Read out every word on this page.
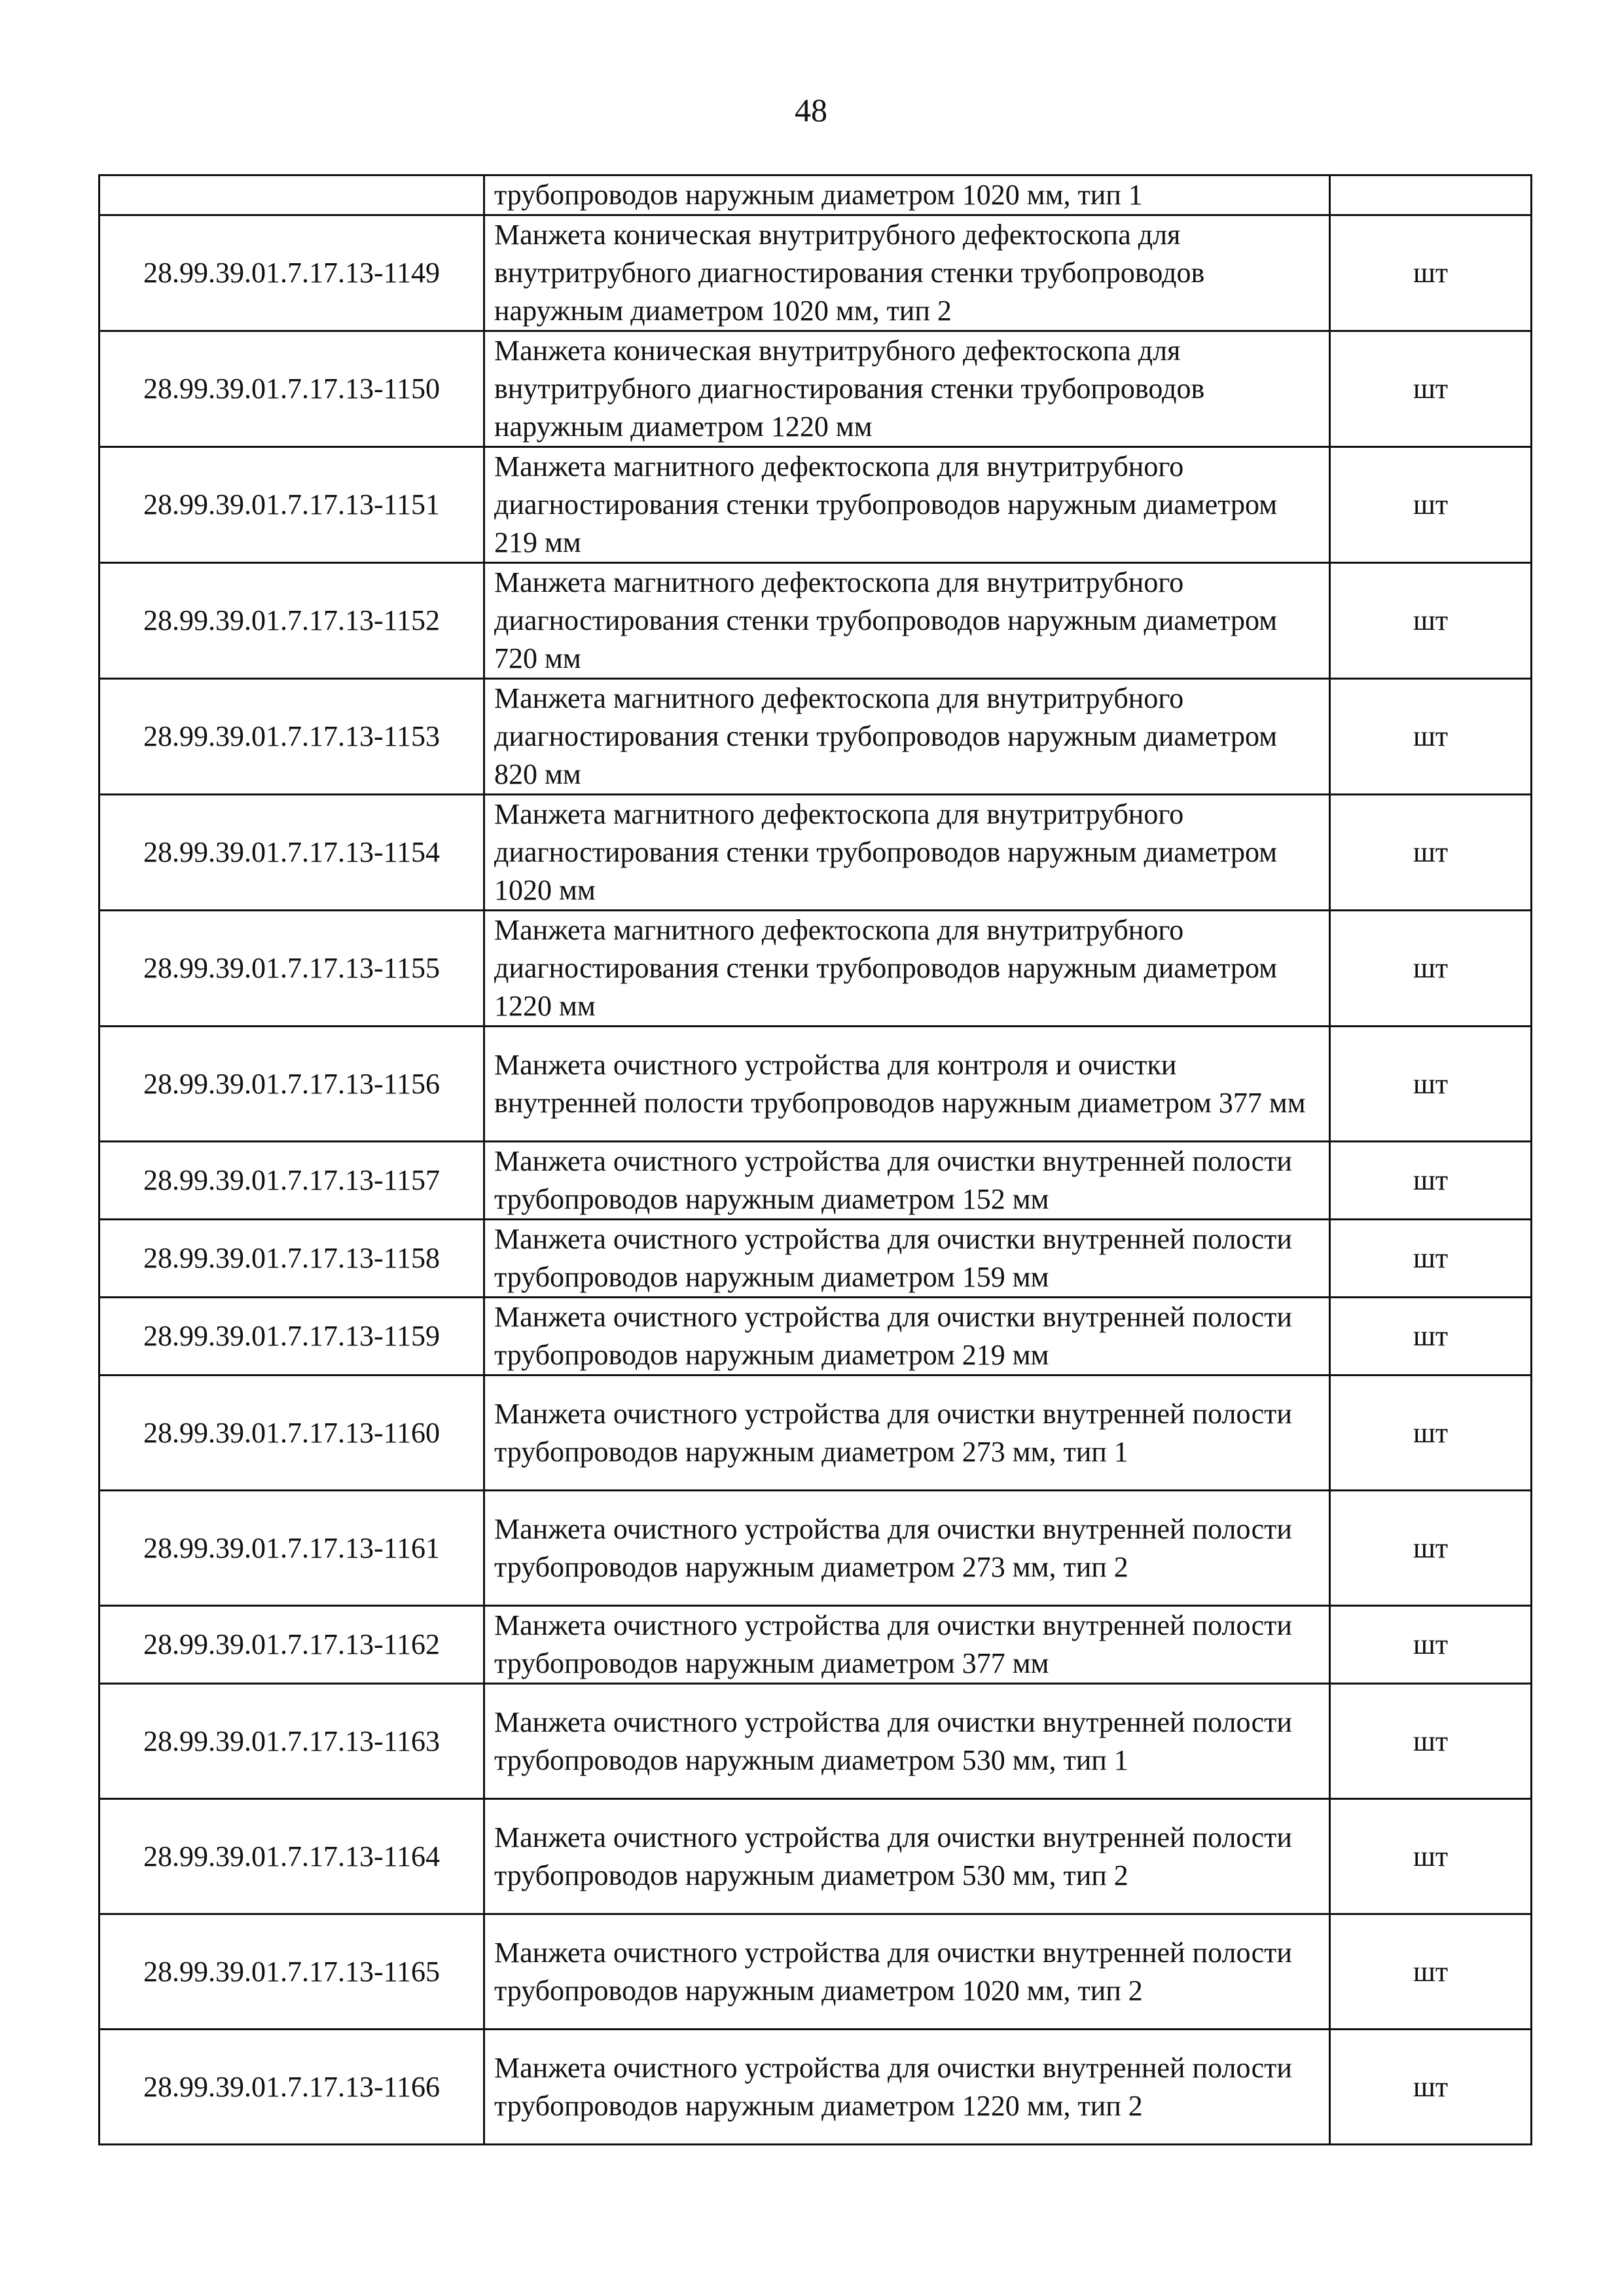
48
	трубопроводов наружным диаметром 1020 мм, тип 1	
28.99.39.01.7.17.13-1149	Манжета коническая внутритрубного дефектоскопа для внутритрубного диагностирования стенки трубопроводов наружным диаметром 1020 мм, тип 2	шт
28.99.39.01.7.17.13-1150	Манжета коническая внутритрубного дефектоскопа для внутритрубного диагностирования стенки трубопроводов наружным диаметром 1220 мм	шт
28.99.39.01.7.17.13-1151	Манжета магнитного дефектоскопа для внутритрубного диагностирования стенки трубопроводов наружным диаметром 219 мм	шт
28.99.39.01.7.17.13-1152	Манжета магнитного дефектоскопа для внутритрубного диагностирования стенки трубопроводов наружным диаметром 720 мм	шт
28.99.39.01.7.17.13-1153	Манжета магнитного дефектоскопа для внутритрубного диагностирования стенки трубопроводов наружным диаметром 820 мм	шт
28.99.39.01.7.17.13-1154	Манжета магнитного дефектоскопа для внутритрубного диагностирования стенки трубопроводов наружным диаметром 1020 мм	шт
28.99.39.01.7.17.13-1155	Манжета магнитного дефектоскопа для внутритрубного диагностирования стенки трубопроводов наружным диаметром 1220 мм	шт
28.99.39.01.7.17.13-1156	Манжета очистного устройства для контроля и очистки внутренней полости трубопроводов наружным диаметром 377 мм	шт
28.99.39.01.7.17.13-1157	Манжета очистного устройства для очистки внутренней полости трубопроводов наружным диаметром 152 мм	шт
28.99.39.01.7.17.13-1158	Манжета очистного устройства для очистки внутренней полости трубопроводов наружным диаметром 159 мм	шт
28.99.39.01.7.17.13-1159	Манжета очистного устройства для очистки внутренней полости трубопроводов наружным диаметром 219 мм	шт
28.99.39.01.7.17.13-1160	Манжета очистного устройства для очистки внутренней полости трубопроводов наружным диаметром 273 мм, тип 1	шт
28.99.39.01.7.17.13-1161	Манжета очистного устройства для очистки внутренней полости трубопроводов наружным диаметром 273 мм, тип 2	шт
28.99.39.01.7.17.13-1162	Манжета очистного устройства для очистки внутренней полости трубопроводов наружным диаметром 377 мм	шт
28.99.39.01.7.17.13-1163	Манжета очистного устройства для очистки внутренней полости трубопроводов наружным диаметром 530 мм, тип 1	шт
28.99.39.01.7.17.13-1164	Манжета очистного устройства для очистки внутренней полости трубопроводов наружным диаметром 530 мм, тип 2	шт
28.99.39.01.7.17.13-1165	Манжета очистного устройства для очистки внутренней полости трубопроводов наружным диаметром 1020 мм, тип 2	шт
28.99.39.01.7.17.13-1166	Манжета очистного устройства для очистки внутренней полости трубопроводов наружным диаметром 1220 мм, тип 2	шт
